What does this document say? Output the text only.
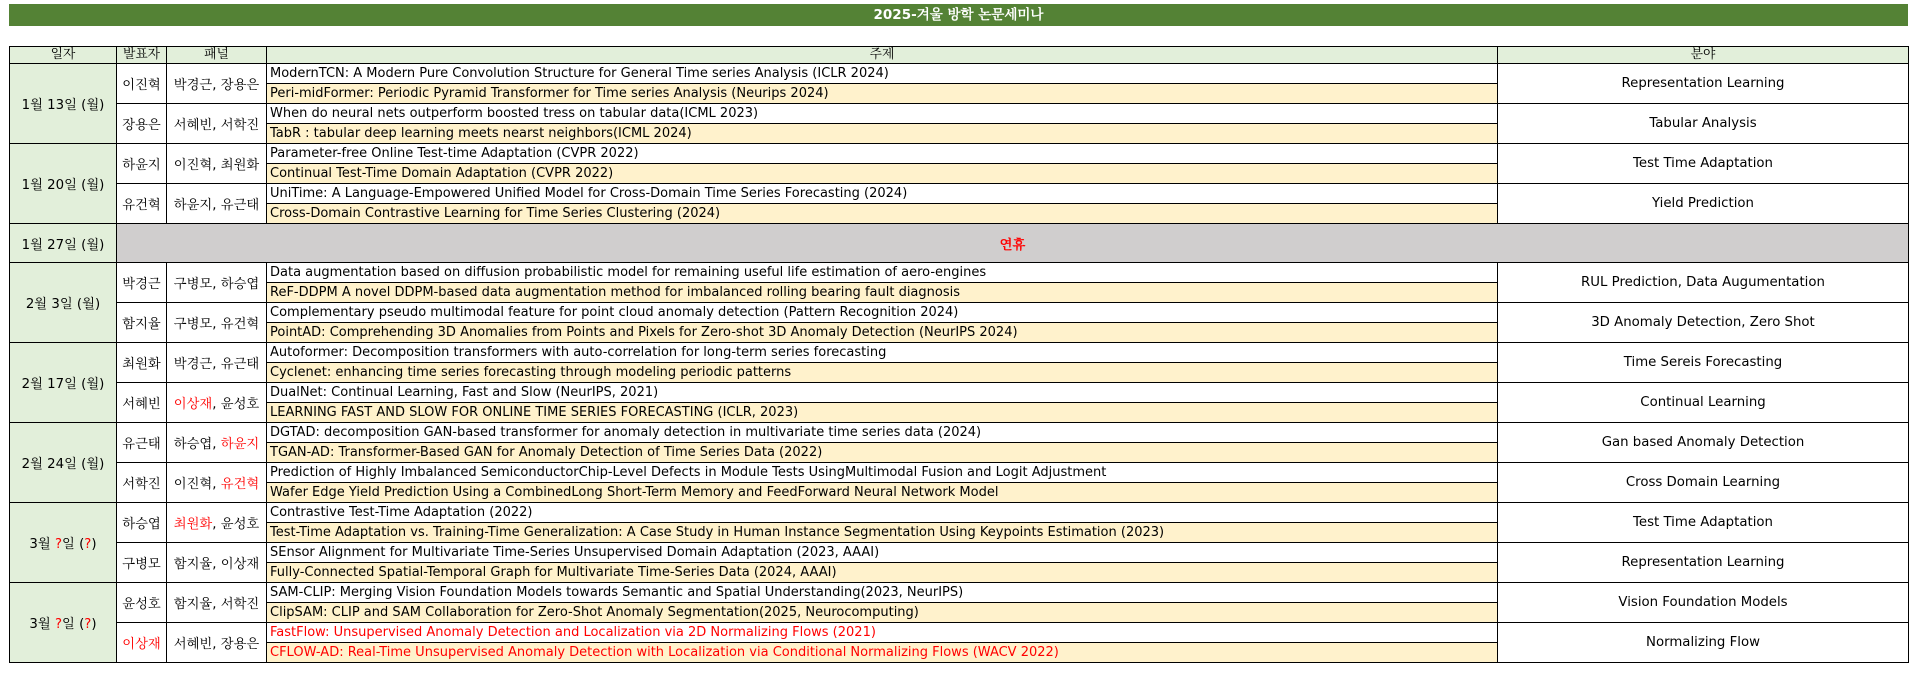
2025-겨울 방학 논문세미나
일자	발표자	패널	주제	분야
1월 13일 (월)	이진혁	박경근, 장용은	ModernTCN: A Modern Pure Convolution Structure for General Time series Analysis (ICLR 2024)	Representation Learning
			Peri-midFormer: Periodic Pyramid Transformer for Time series Analysis (Neurips 2024)	
	장용은	서혜빈, 서학진	When do neural nets outperform boosted tress on tabular data(ICML 2023)	Tabular Analysis
			TabR : tabular deep learning meets nearst neighbors(ICML 2024)	
1월 20일 (월)	하윤지	이진혁, 최원화	Parameter-free Online Test-time Adaptation (CVPR 2022)	Test Time Adaptation
			Continual Test-Time Domain Adaptation (CVPR 2022)	
	유건혁	하윤지, 유근태	UniTime: A Language-Empowered Unified Model for Cross-Domain Time Series Forecasting (2024)	Yield Prediction
			Cross-Domain Contrastive Learning for Time Series Clustering (2024)	
1월 27일 (월)	연휴			
2월 3일 (월)	박경근	구병모, 하승엽	Data augmentation based on diffusion probabilistic model for remaining useful life estimation of aero-engines	RUL Prediction, Data Augumentation
			ReF-DDPM A novel DDPM-based data augmentation method for imbalanced rolling bearing fault diagnosis	
	함지율	구병모, 유건혁	Complementary pseudo multimodal feature for point cloud anomaly detection (Pattern Recognition 2024)	3D Anomaly Detection, Zero Shot
			PointAD: Comprehending 3D Anomalies from Points and Pixels for Zero-shot 3D Anomaly Detection (NeurIPS 2024)	
2월 17일 (월)	최원화	박경근, 유근태	Autoformer: Decomposition transformers with auto-correlation for long-term series forecasting	Time Sereis Forecasting
			Cyclenet: enhancing time series forecasting through modeling periodic patterns	
	서혜빈	이상재, 윤성호	DualNet: Continual Learning, Fast and Slow (NeurIPS, 2021)	Continual Learning
			LEARNING FAST AND SLOW FOR ONLINE TIME SERIES FORECASTING (ICLR, 2023)	
2월 24일 (월)	유근태	하승엽, 하윤지	DGTAD: decomposition GAN-based transformer for anomaly detection in multivariate time series data (2024)	Gan based Anomaly Detection
			TGAN-AD: Transformer-Based GAN for Anomaly Detection of Time Series Data (2022)	
	서학진	이진혁, 유건혁	Prediction of Highly Imbalanced SemiconductorChip-Level Defects in Module Tests UsingMultimodal Fusion and Logit Adjustment	Cross Domain Learning
			Wafer Edge Yield Prediction Using a CombinedLong Short-Term Memory and FeedForward Neural Network Model	
3월 ?일 (?)	하승엽	최원화, 윤성호	Contrastive Test-Time Adaptation (2022)	Test Time Adaptation
			Test-Time Adaptation vs. Training-Time Generalization: A Case Study in Human Instance Segmentation Using Keypoints Estimation (2023)	
	구병모	함지율, 이상재	SEnsor Alignment for Multivariate Time-Series Unsupervised Domain Adaptation (2023, AAAI)	Representation Learning
			Fully-Connected Spatial-Temporal Graph for Multivariate Time-Series Data (2024, AAAI)	
3월 ?일 (?)	윤성호	함지율, 서학진	SAM-CLIP: Merging Vision Foundation Models towards Semantic and Spatial Understanding(2023, NeurIPS)	Vision Foundation Models
			ClipSAM: CLIP and SAM Collaboration for Zero-Shot Anomaly Segmentation(2025, Neurocomputing)	
	이상재	서혜빈, 장용은	FastFlow: Unsupervised Anomaly Detection and Localization via 2D Normalizing Flows (2021)	Normalizing Flow
			CFLOW-AD: Real-Time Unsupervised Anomaly Detection with Localization via Conditional Normalizing Flows (WACV 2022)	
